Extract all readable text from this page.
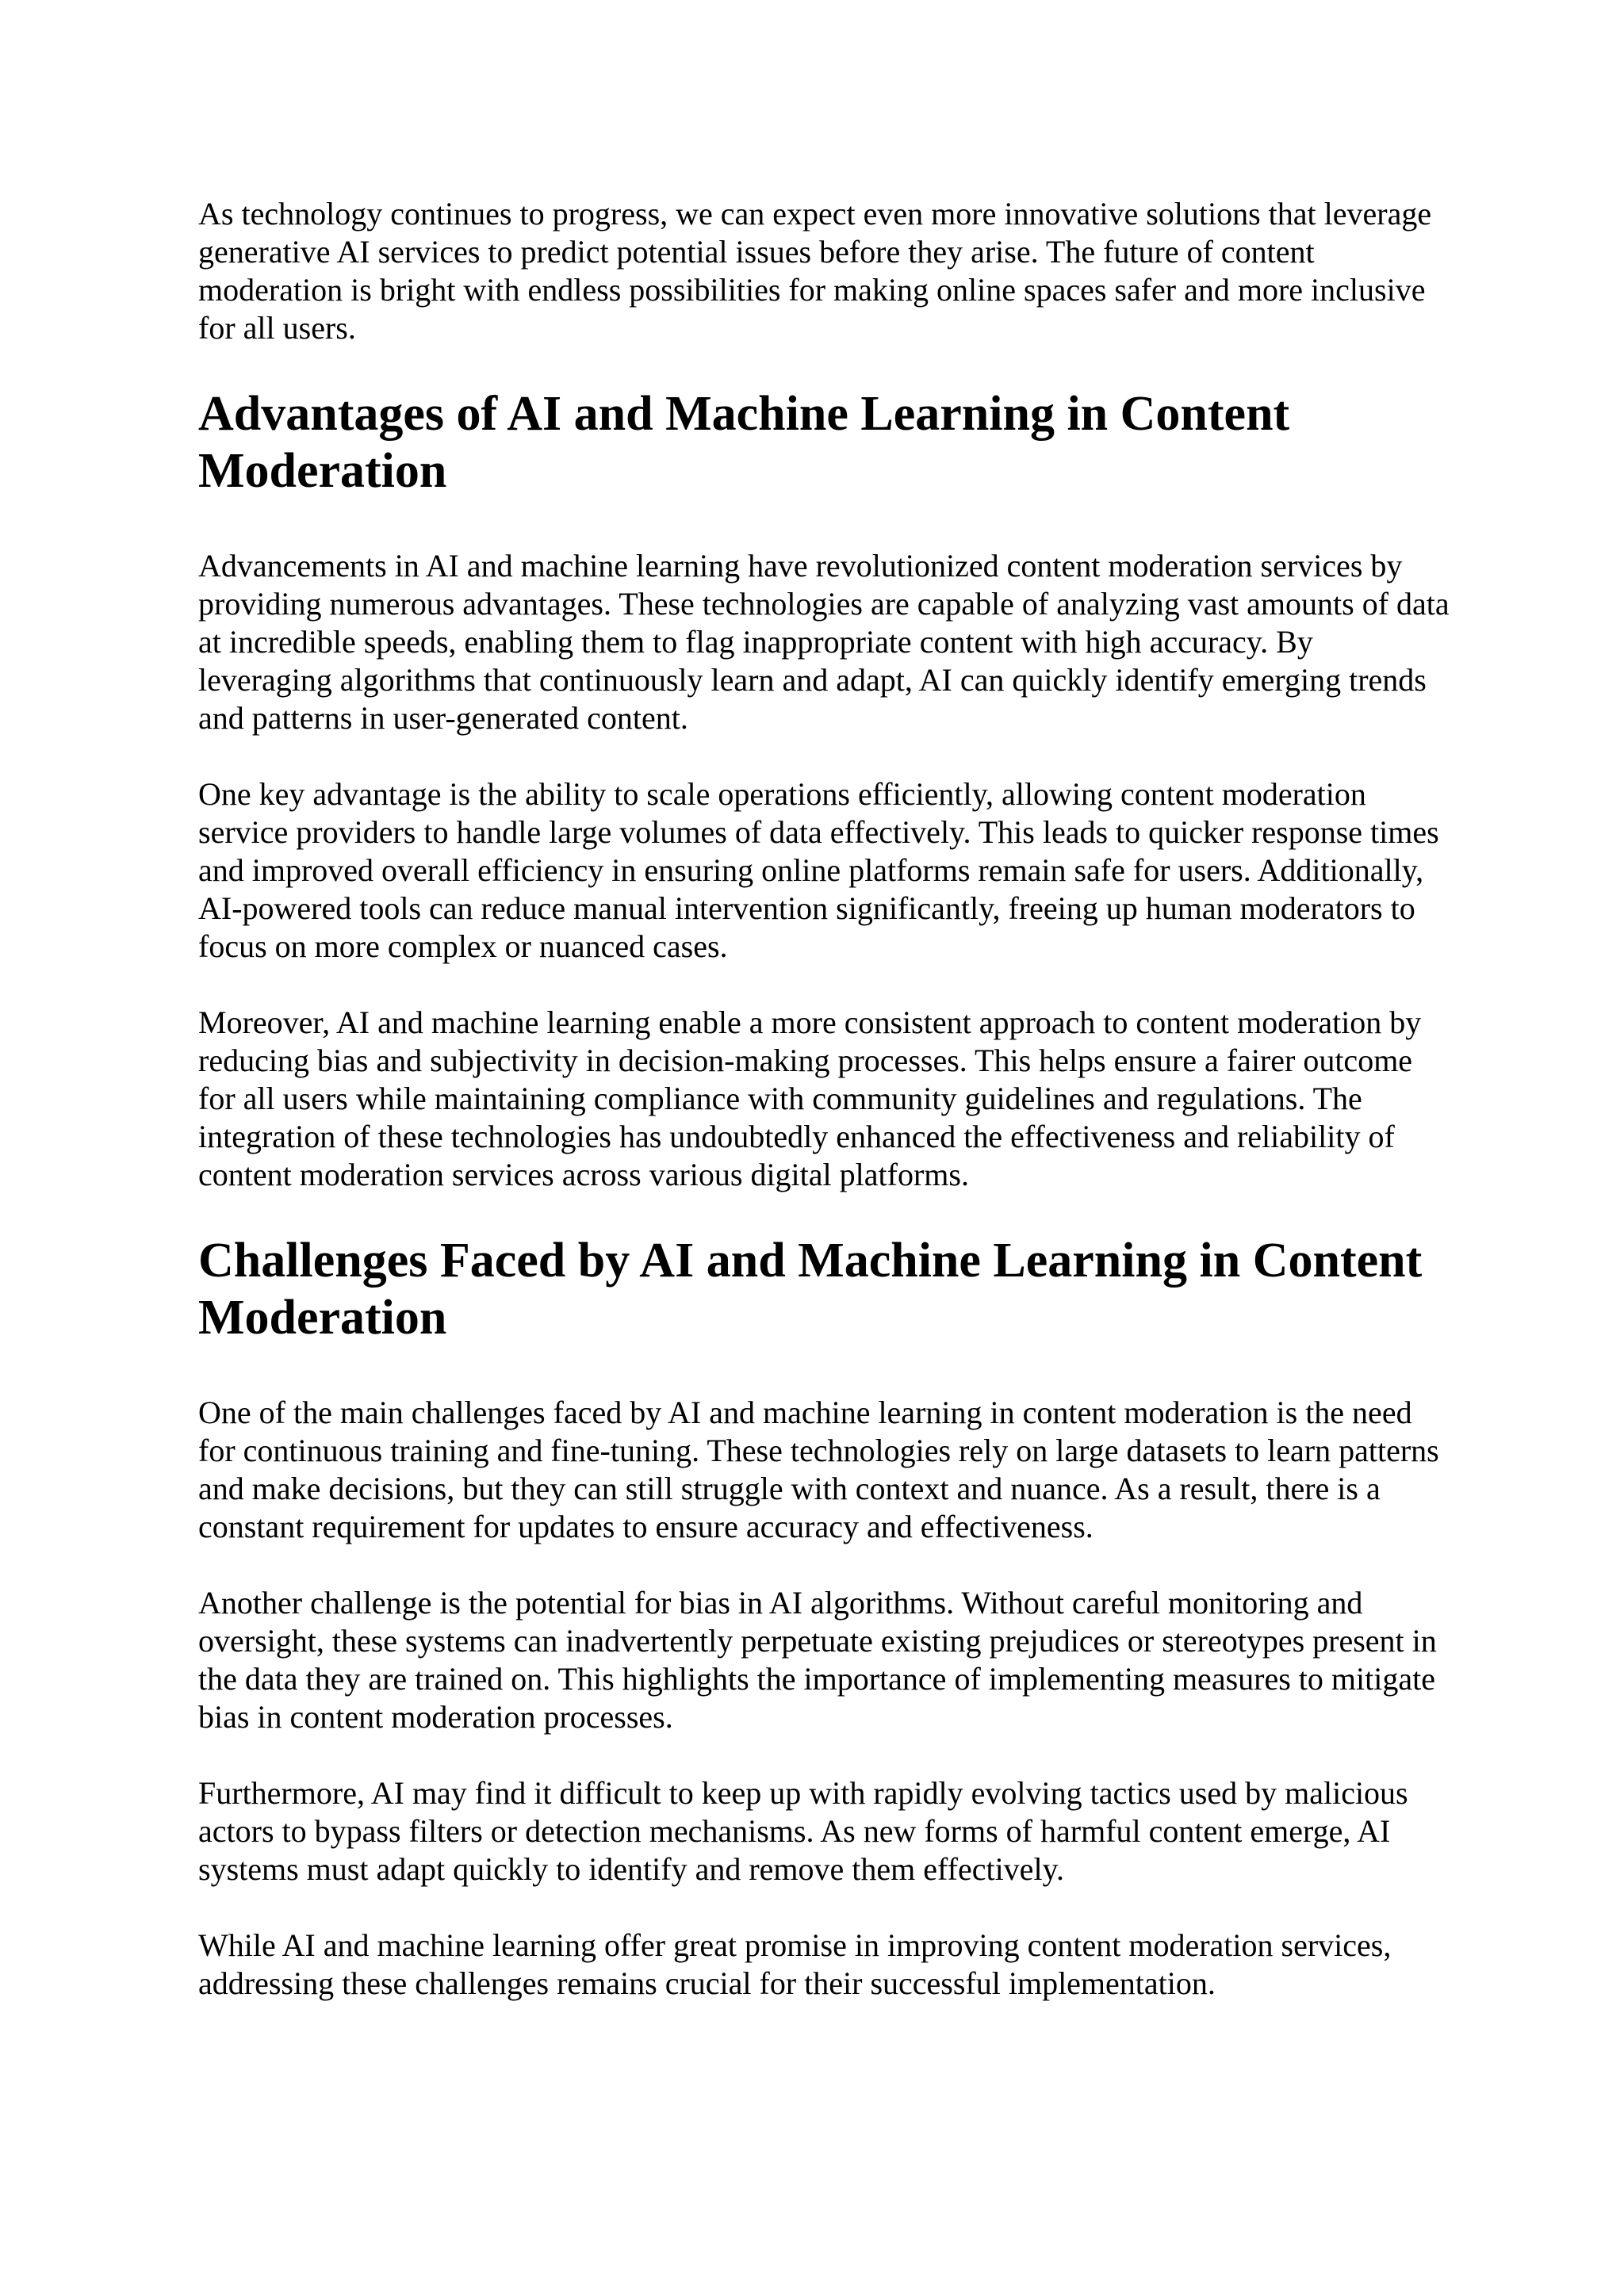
As technology continues to progress, we can expect even more innovative solutions that leverage generative AI services to predict potential issues before they arise. The future of content moderation is bright with endless possibilities for making online spaces safer and more inclusive for all users.

Advantages of AI and Machine Learning in Content Moderation

Advancements in AI and machine learning have revolutionized content moderation services by providing numerous advantages. These technologies are capable of analyzing vast amounts of data at incredible speeds, enabling them to flag inappropriate content with high accuracy. By leveraging algorithms that continuously learn and adapt, AI can quickly identify emerging trends and patterns in user-generated content.

One key advantage is the ability to scale operations efficiently, allowing content moderation service providers to handle large volumes of data effectively. This leads to quicker response times and improved overall efficiency in ensuring online platforms remain safe for users. Additionally, AI-powered tools can reduce manual intervention significantly, freeing up human moderators to focus on more complex or nuanced cases.

Moreover, AI and machine learning enable a more consistent approach to content moderation by reducing bias and subjectivity in decision-making processes. This helps ensure a fairer outcome for all users while maintaining compliance with community guidelines and regulations. The integration of these technologies has undoubtedly enhanced the effectiveness and reliability of content moderation services across various digital platforms.

Challenges Faced by AI and Machine Learning in Content Moderation

One of the main challenges faced by AI and machine learning in content moderation is the need for continuous training and fine-tuning. These technologies rely on large datasets to learn patterns and make decisions, but they can still struggle with context and nuance. As a result, there is a constant requirement for updates to ensure accuracy and effectiveness.

Another challenge is the potential for bias in AI algorithms. Without careful monitoring and oversight, these systems can inadvertently perpetuate existing prejudices or stereotypes present in the data they are trained on. This highlights the importance of implementing measures to mitigate bias in content moderation processes.

Furthermore, AI may find it difficult to keep up with rapidly evolving tactics used by malicious actors to bypass filters or detection mechanisms. As new forms of harmful content emerge, AI systems must adapt quickly to identify and remove them effectively.

While AI and machine learning offer great promise in improving content moderation services, addressing these challenges remains crucial for their successful implementation.
